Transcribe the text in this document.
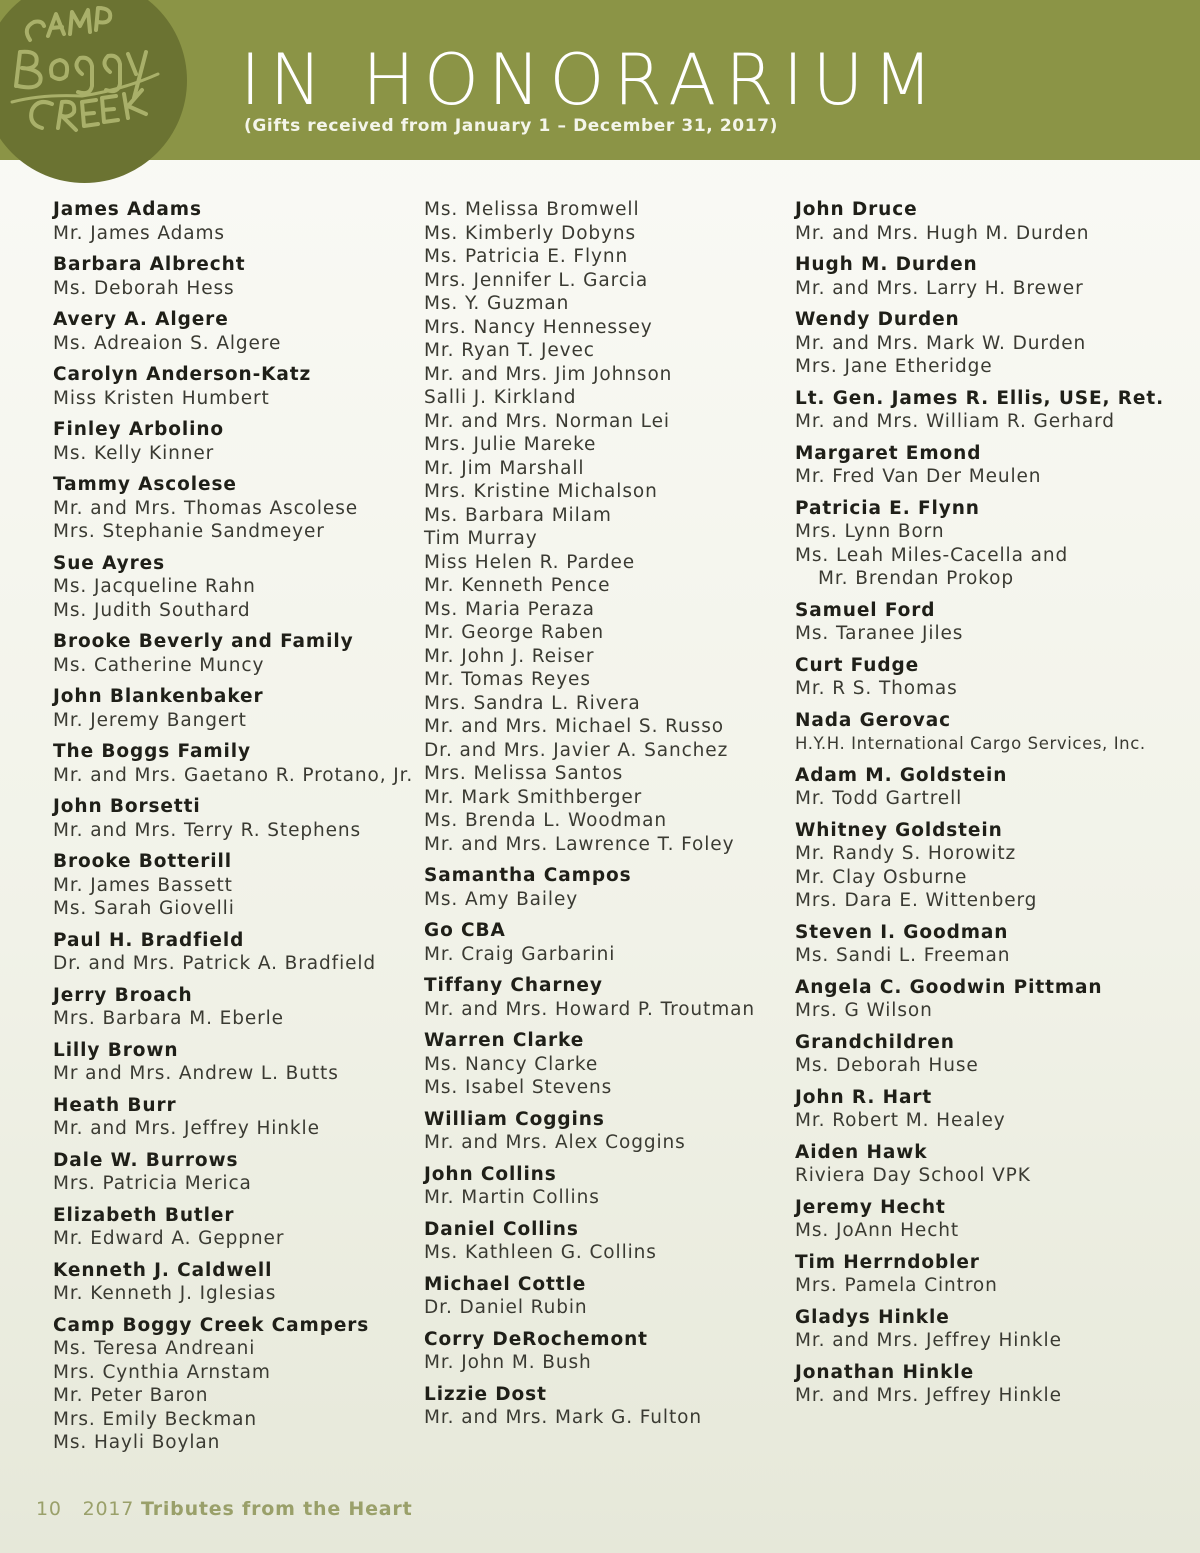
IN HONORARIUM
(Gifts received from January 1 – December 31, 2017)
James Adams
Mr. James Adams
Barbara Albrecht
Ms. Deborah Hess
Avery A. Algere
Ms. Adreaion S. Algere
Carolyn Anderson-Katz
Miss Kristen Humbert
Finley Arbolino
Ms. Kelly Kinner
Tammy Ascolese
Mr. and Mrs. Thomas Ascolese
Mrs. Stephanie Sandmeyer
Sue Ayres
Ms. Jacqueline Rahn
Ms. Judith Southard
Brooke Beverly and Family
Ms. Catherine Muncy
John Blankenbaker
Mr. Jeremy Bangert
The Boggs Family
Mr. and Mrs. Gaetano R. Protano, Jr.
John Borsetti
Mr. and Mrs. Terry R. Stephens
Brooke Botterill
Mr. James Bassett
Ms. Sarah Giovelli
Paul H. Bradfield
Dr. and Mrs. Patrick A. Bradfield
Jerry Broach
Mrs. Barbara M. Eberle
Lilly Brown
Mr and Mrs. Andrew L. Butts
Heath Burr
Mr. and Mrs. Jeffrey Hinkle
Dale W. Burrows
Mrs. Patricia Merica
Elizabeth Butler
Mr. Edward A. Geppner
Kenneth J. Caldwell
Mr. Kenneth J. Iglesias
Camp Boggy Creek Campers
Ms. Teresa Andreani
Mrs. Cynthia Arnstam
Mr. Peter Baron
Mrs. Emily Beckman
Ms. Hayli Boylan
Ms. Melissa Bromwell
Ms. Kimberly Dobyns
Ms. Patricia E. Flynn
Mrs. Jennifer L. Garcia
Ms. Y. Guzman
Mrs. Nancy Hennessey
Mr. Ryan T. Jevec
Mr. and Mrs. Jim Johnson
Salli J. Kirkland
Mr. and Mrs. Norman Lei
Mrs. Julie Mareke
Mr. Jim Marshall
Mrs. Kristine Michalson
Ms. Barbara Milam
Tim Murray
Miss Helen R. Pardee
Mr. Kenneth Pence
Ms. Maria Peraza
Mr. George Raben
Mr. John J. Reiser
Mr. Tomas Reyes
Mrs. Sandra L. Rivera
Mr. and Mrs. Michael S. Russo
Dr. and Mrs. Javier A. Sanchez
Mrs. Melissa Santos
Mr. Mark Smithberger
Ms. Brenda L. Woodman
Mr. and Mrs. Lawrence T. Foley
Samantha Campos
Ms. Amy Bailey
Go CBA
Mr. Craig Garbarini
Tiffany Charney
Mr. and Mrs. Howard P. Troutman
Warren Clarke
Ms. Nancy Clarke
Ms. Isabel Stevens
William Coggins
Mr. and Mrs. Alex Coggins
John Collins
Mr. Martin Collins
Daniel Collins
Ms. Kathleen G. Collins
Michael Cottle
Dr. Daniel Rubin
Corry DeRochemont
Mr. John M. Bush
Lizzie Dost
Mr. and Mrs. Mark G. Fulton
John Druce
Mr. and Mrs. Hugh M. Durden
Hugh M. Durden
Mr. and Mrs. Larry H. Brewer
Wendy Durden
Mr. and Mrs. Mark W. Durden
Mrs. Jane Etheridge
Lt. Gen. James R. Ellis, USE, Ret.
Mr. and Mrs. William R. Gerhard
Margaret Emond
Mr. Fred Van Der Meulen
Patricia E. Flynn
Mrs. Lynn Born
Ms. Leah Miles-Cacella and
Mr. Brendan Prokop
Samuel Ford
Ms. Taranee Jiles
Curt Fudge
Mr. R S. Thomas
Nada Gerovac
H.Y.H. International Cargo Services, Inc.
Adam M. Goldstein
Mr. Todd Gartrell
Whitney Goldstein
Mr. Randy S. Horowitz
Mr. Clay Osburne
Mrs. Dara E. Wittenberg
Steven I. Goodman
Ms. Sandi L. Freeman
Angela C. Goodwin Pittman
Mrs. G Wilson
Grandchildren
Ms. Deborah Huse
John R. Hart
Mr. Robert M. Healey
Aiden Hawk
Riviera Day School VPK
Jeremy Hecht
Ms. JoAnn Hecht
Tim Herrndobler
Mrs. Pamela Cintron
Gladys Hinkle
Mr. and Mrs. Jeffrey Hinkle
Jonathan Hinkle
Mr. and Mrs. Jeffrey Hinkle
10 2017 Tributes from the Heart
